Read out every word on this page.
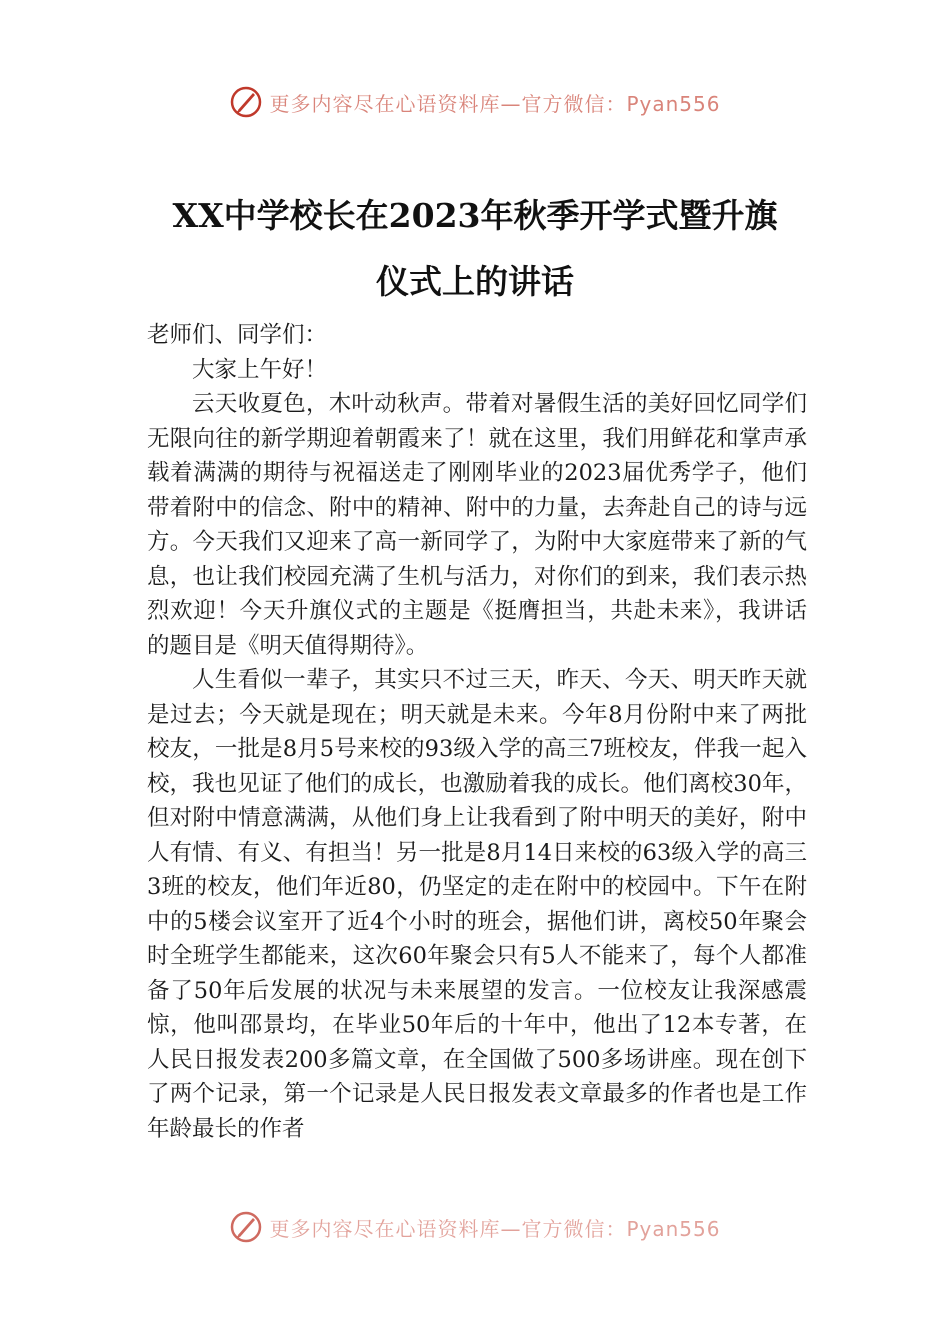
更多内容尽在心语资料库—官方微信：Pyan556
XX中学校长在2023年秋季开学式暨升旗
仪式上的讲话

老师们、同学们：

大家上午好！

云天收夏色，木叶动秋声。带着对暑假生活的美好回忆同学们无限向往的新学期迎着朝霞来了！就在这里，我们用鲜花和掌声承载着满满的期待与祝福送走了刚刚毕业的2023届优秀学子，他们带着附中的信念、附中的精神、附中的力量，去奔赴自己的诗与远方。今天我们又迎来了高一新同学了，为附中大家庭带来了新的气息，也让我们校园充满了生机与活力，对你们的到来，我们表示热烈欢迎！今天升旗仪式的主题是《挺膺担当，共赴未来》，我讲话的题目是《明天值得期待》。

人生看似一辈子，其实只不过三天，昨天、今天、明天昨天就是过去；今天就是现在；明天就是未来。今年8月份附中来了两批校友，一批是8月5号来校的93级入学的高三7班校友，伴我一起入校，我也见证了他们的成长，也激励着我的成长。他们离校30年，但对附中情意满满，从他们身上让我看到了附中明天的美好，附中人有情、有义、有担当！另一批是8月14日来校的63级入学的高三3班的校友，他们年近80，仍坚定的走在附中的校园中。下午在附中的5楼会议室开了近4个小时的班会，据他们讲，离校50年聚会时全班学生都能来，这次60年聚会只有5人不能来了，每个人都准备了50年后发展的状况与未来展望的发言。一位校友让我深感震惊，他叫邵景均，在毕业50年后的十年中，他出了12本专著，在人民日报发表200多篇文章，在全国做了500多场讲座。现在创下了两个记录，第一个记录是人民日报发表文章最多的作者也是工作年龄最长的作者

更多内容尽在心语资料库—官方微信：Pyan556
